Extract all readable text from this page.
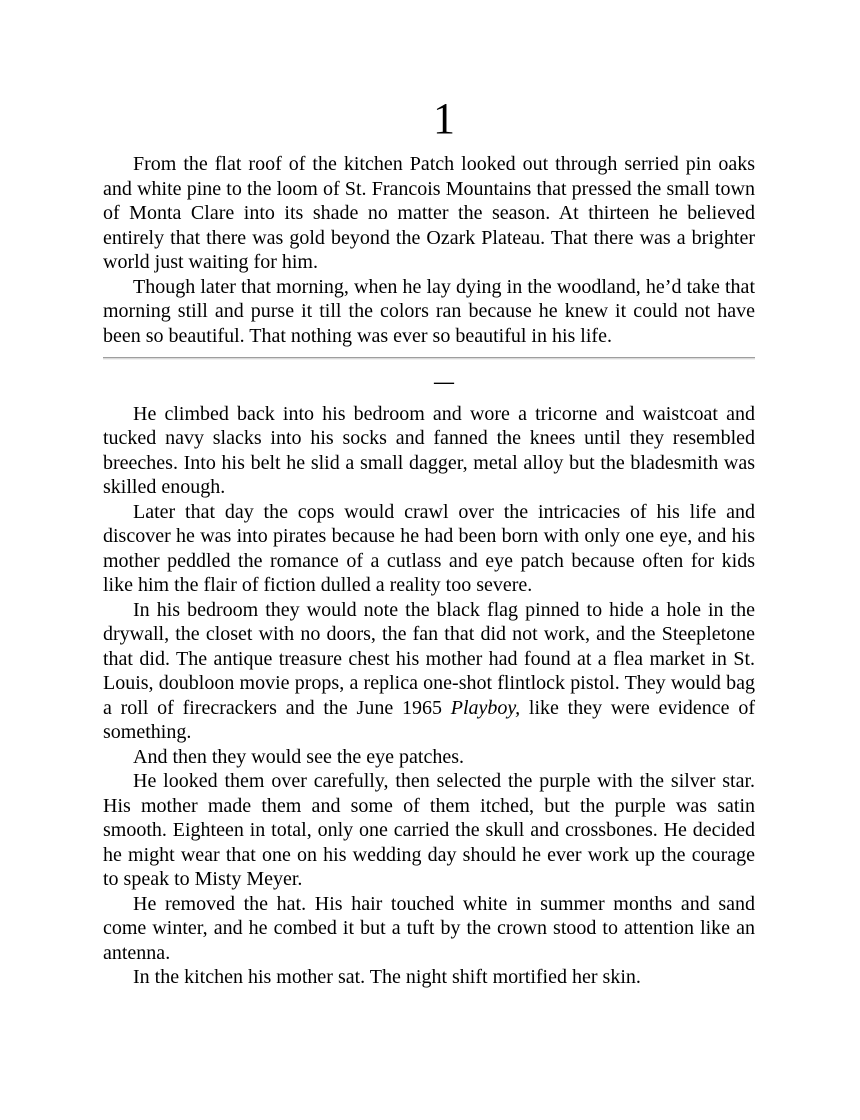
1

From the flat roof of the kitchen Patch looked out through serried pin oaks and white pine to the loom of St. Francois Mountains that pressed the small town of Monta Clare into its shade no matter the season. At thirteen he believed entirely that there was gold beyond the Ozark Plateau. That there was a brighter world just waiting for him.

Though later that morning, when he lay dying in the woodland, he’d take that morning still and purse it till the colors ran because he knew it could not have been so beautiful. That nothing was ever so beautiful in his life.

—

He climbed back into his bedroom and wore a tricorne and waistcoat and tucked navy slacks into his socks and fanned the knees until they resembled breeches. Into his belt he slid a small dagger, metal alloy but the bladesmith was skilled enough.

Later that day the cops would crawl over the intricacies of his life and discover he was into pirates because he had been born with only one eye, and his mother peddled the romance of a cutlass and eye patch because often for kids like him the flair of fiction dulled a reality too severe.

In his bedroom they would note the black flag pinned to hide a hole in the drywall, the closet with no doors, the fan that did not work, and the Steepletone that did. The antique treasure chest his mother had found at a flea market in St. Louis, doubloon movie props, a replica one-shot flintlock pistol. They would bag a roll of firecrackers and the June 1965 Playboy, like they were evidence of something.

And then they would see the eye patches.

He looked them over carefully, then selected the purple with the silver star. His mother made them and some of them itched, but the purple was satin smooth. Eighteen in total, only one carried the skull and crossbones. He decided he might wear that one on his wedding day should he ever work up the courage to speak to Misty Meyer.

He removed the hat. His hair touched white in summer months and sand come winter, and he combed it but a tuft by the crown stood to attention like an antenna.

In the kitchen his mother sat. The night shift mortified her skin.
